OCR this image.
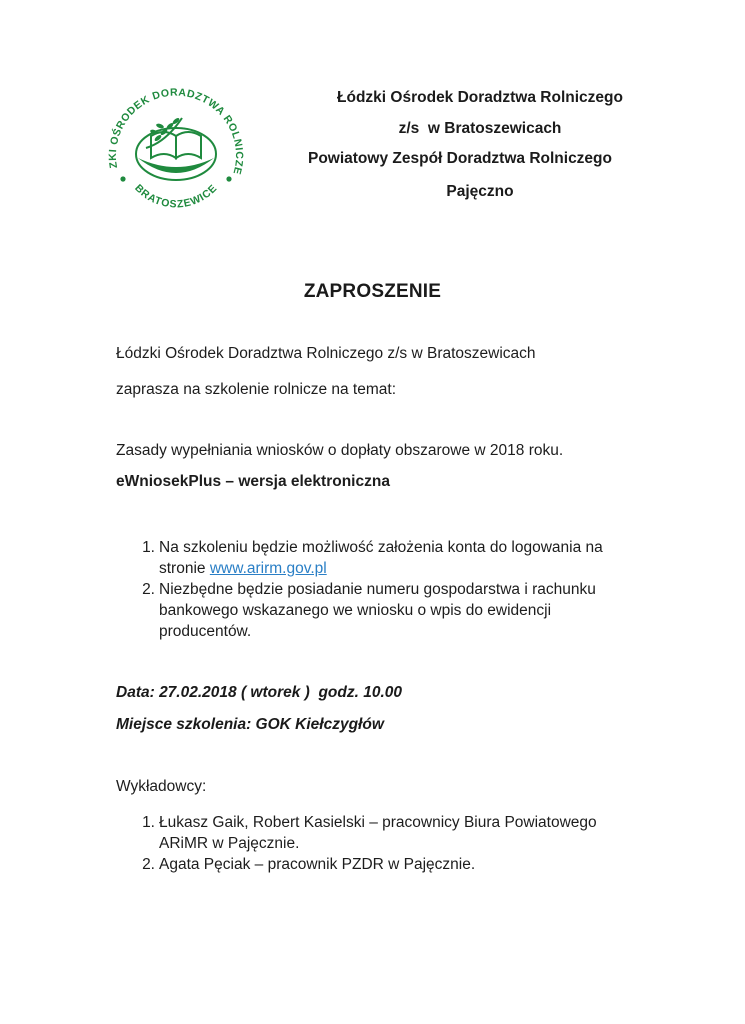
ZKI OŚRODEK DORADZTWA ROLNICZE
BRATOSZEWICE
Łódzki Ośrodek Doradztwa Rolniczego
z/s  w Bratoszewicach
Powiatowy Zespół Doradztwa Rolniczego
Pajęczno
ZAPROSZENIE
Łódzki Ośrodek Doradztwa Rolniczego z/s w Bratoszewicach
zaprasza na szkolenie rolnicze na temat:
Zasady wypełniania wniosków o dopłaty obszarowe w 2018 roku.
eWniosekPlus – wersja elektroniczna
1. Na szkoleniu będzie możliwość założenia konta do logowania na
stronie www.arirm.gov.pl
2. Niezbędne będzie posiadanie numeru gospodarstwa i rachunku
bankowego wskazanego we wniosku o wpis do ewidencji
producentów.
Data: 27.02.2018 ( wtorek )  godz. 10.00
Miejsce szkolenia: GOK Kiełczygłów
Wykładowcy:
1. Łukasz Gaik, Robert Kasielski – pracownicy Biura Powiatowego
ARiMR w Pajęcznie.
2. Agata Pęciak – pracownik PZDR w Pajęcznie.
